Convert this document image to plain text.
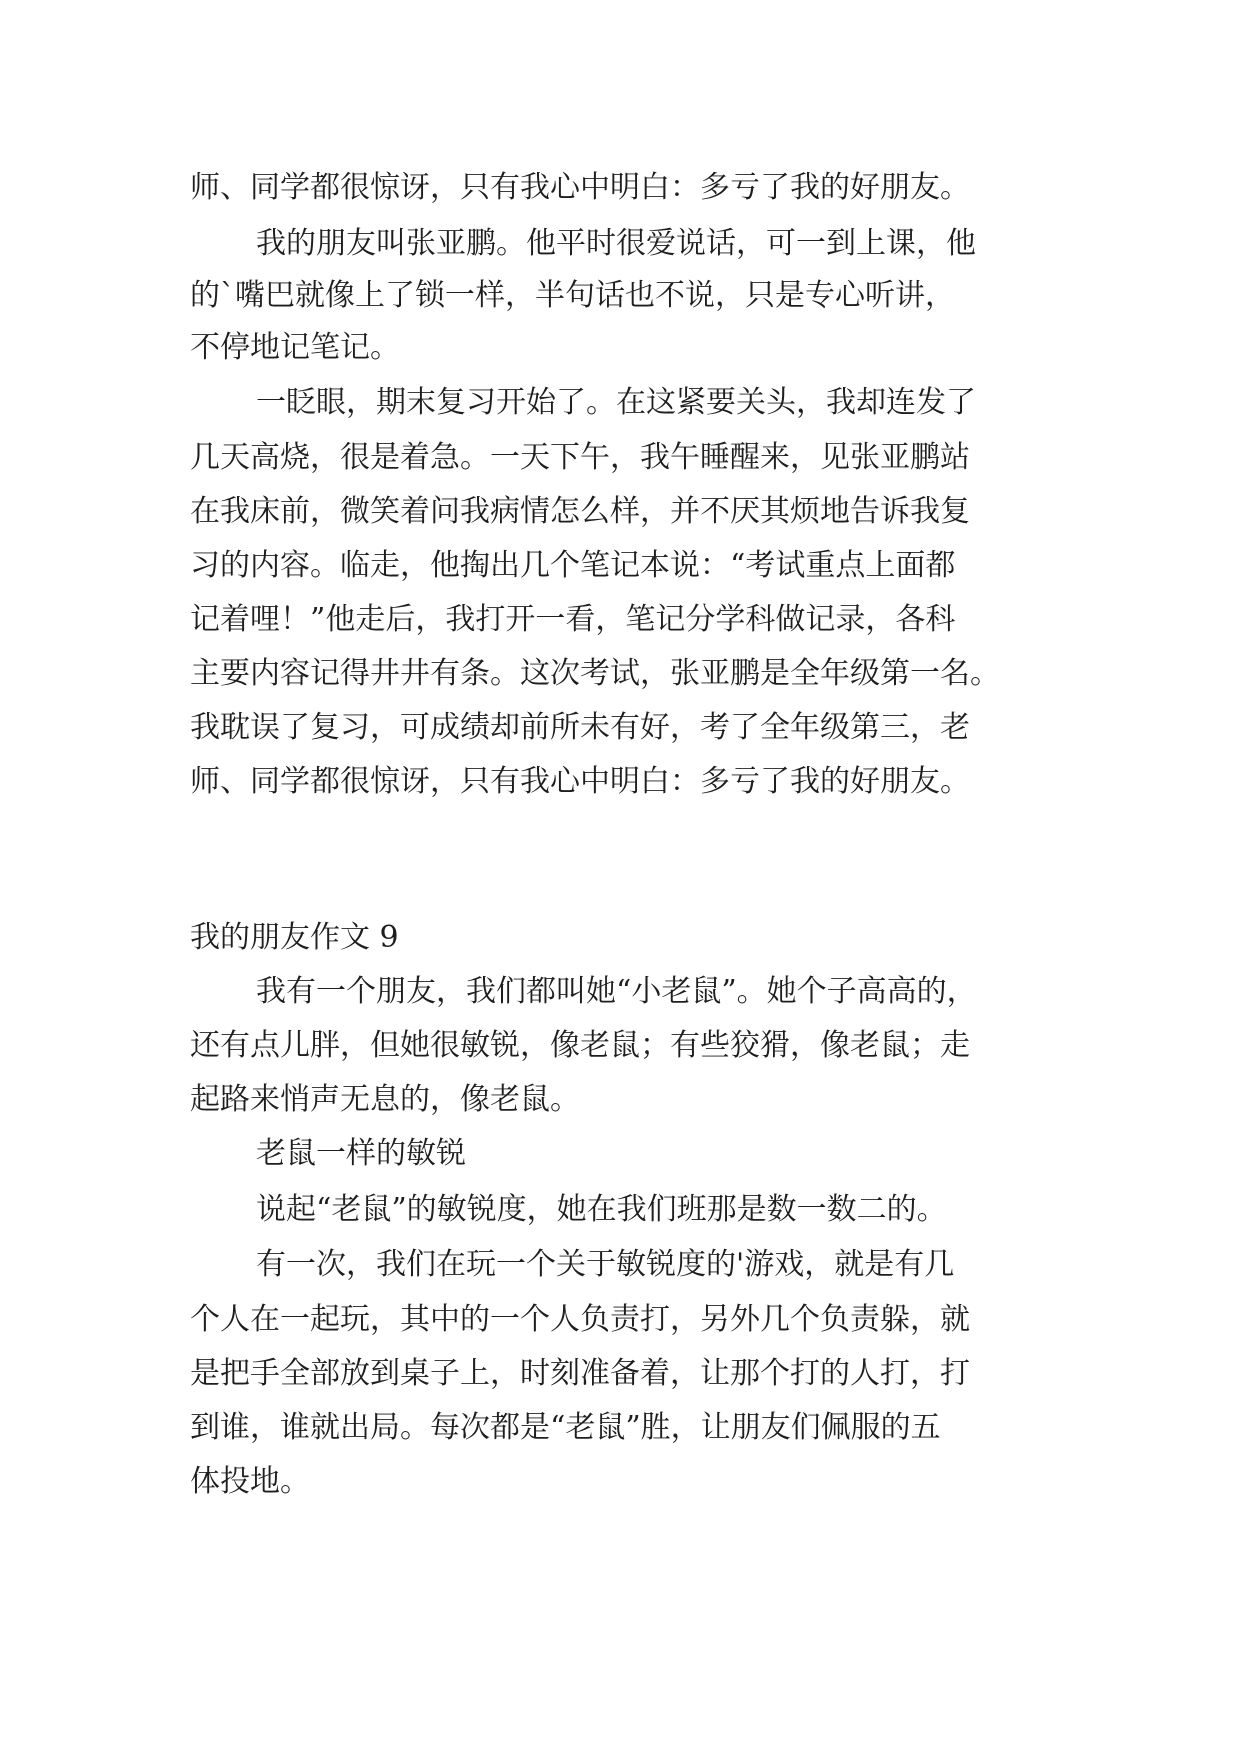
师、同学都很惊讶，只有我心中明白：多亏了我的好朋友。
我的朋友叫张亚鹏。他平时很爱说话，可一到上课，他
的`嘴巴就像上了锁一样，半句话也不说，只是专心听讲，
不停地记笔记。
一眨眼，期末复习开始了。在这紧要关头，我却连发了
几天高烧，很是着急。一天下午，我午睡醒来，见张亚鹏站
在我床前，微笑着问我病情怎么样，并不厌其烦地告诉我复
习的内容。临走，他掏出几个笔记本说：“考试重点上面都
记着哩！”他走后，我打开一看，笔记分学科做记录，各科
主要内容记得井井有条。这次考试，张亚鹏是全年级第一名。
我耽误了复习，可成绩却前所未有好，考了全年级第三，老
师、同学都很惊讶，只有我心中明白：多亏了我的好朋友。
我的朋友作文 9
我有一个朋友，我们都叫她“小老鼠”。她个子高高的，
还有点儿胖，但她很敏锐，像老鼠；有些狡猾，像老鼠；走
起路来悄声无息的，像老鼠。
老鼠一样的敏锐
说起“老鼠”的敏锐度，她在我们班那是数一数二的。
有一次，我们在玩一个关于敏锐度的'游戏，就是有几
个人在一起玩，其中的一个人负责打，另外几个负责躲，就
是把手全部放到桌子上，时刻准备着，让那个打的人打，打
到谁，谁就出局。每次都是“老鼠”胜，让朋友们佩服的五
体投地。
